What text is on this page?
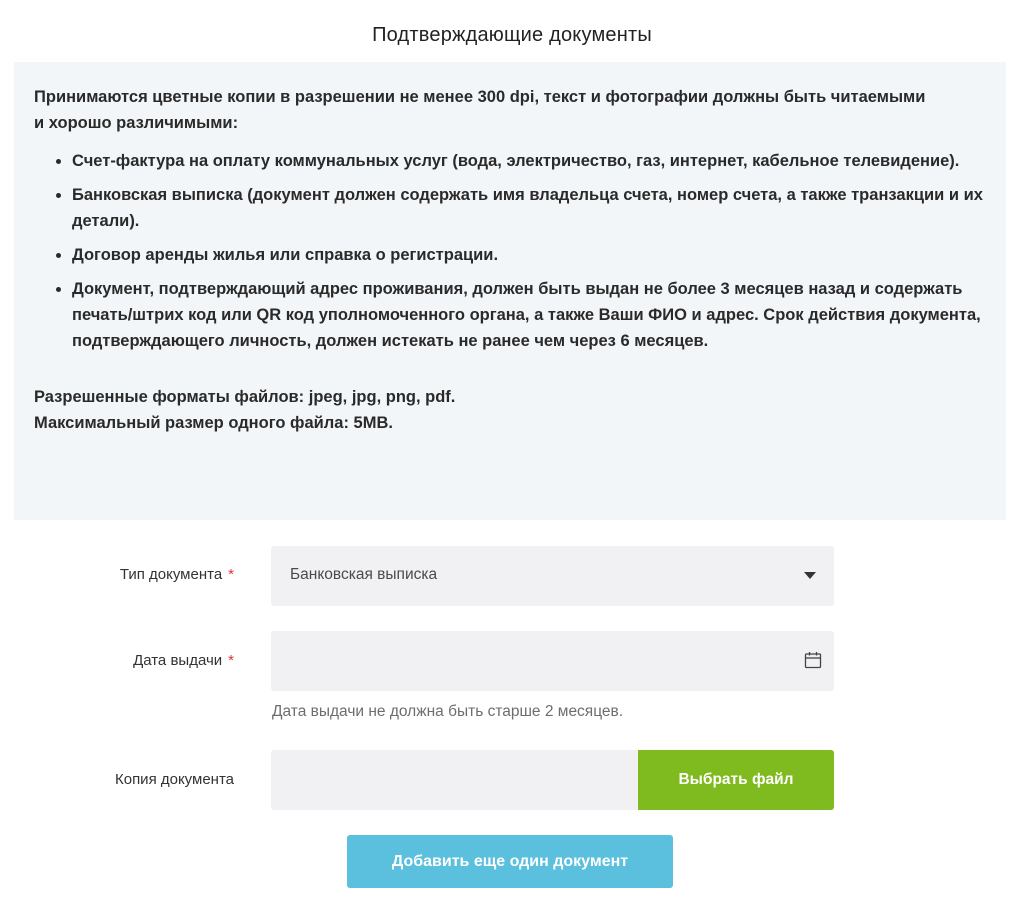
Подтверждающие документы

Принимаются цветные копии в разрешении не менее 300 dpi, текст и фотографии должны быть читаемыми и хорошо различимыми:

• Счет-фактура на оплату коммунальных услуг (вода, электричество, газ, интернет, кабельное телевидение).
• Банковская выписка (документ должен содержать имя владельца счета, номер счета, а также транзакции и их детали).
• Договор аренды жилья или справка о регистрации.
• Документ, подтверждающий адрес проживания, должен быть выдан не более 3 месяцев назад и содержать печать/штрих код или QR код уполномоченного органа, а также Ваши ФИО и адрес. Срок действия документа, подтверждающего личность, должен истекать не ранее чем через 6 месяцев.
Разрешенные форматы файлов: jpeg, jpg, png, pdf.
Максимальный размер одного файла: 5MB.
Тип документа *	Банковская выписка
Дата выдачи *
Дата выдачи не должна быть старше 2 месяцев.
Копия документа	Выбрать файл
Добавить еще один документ
